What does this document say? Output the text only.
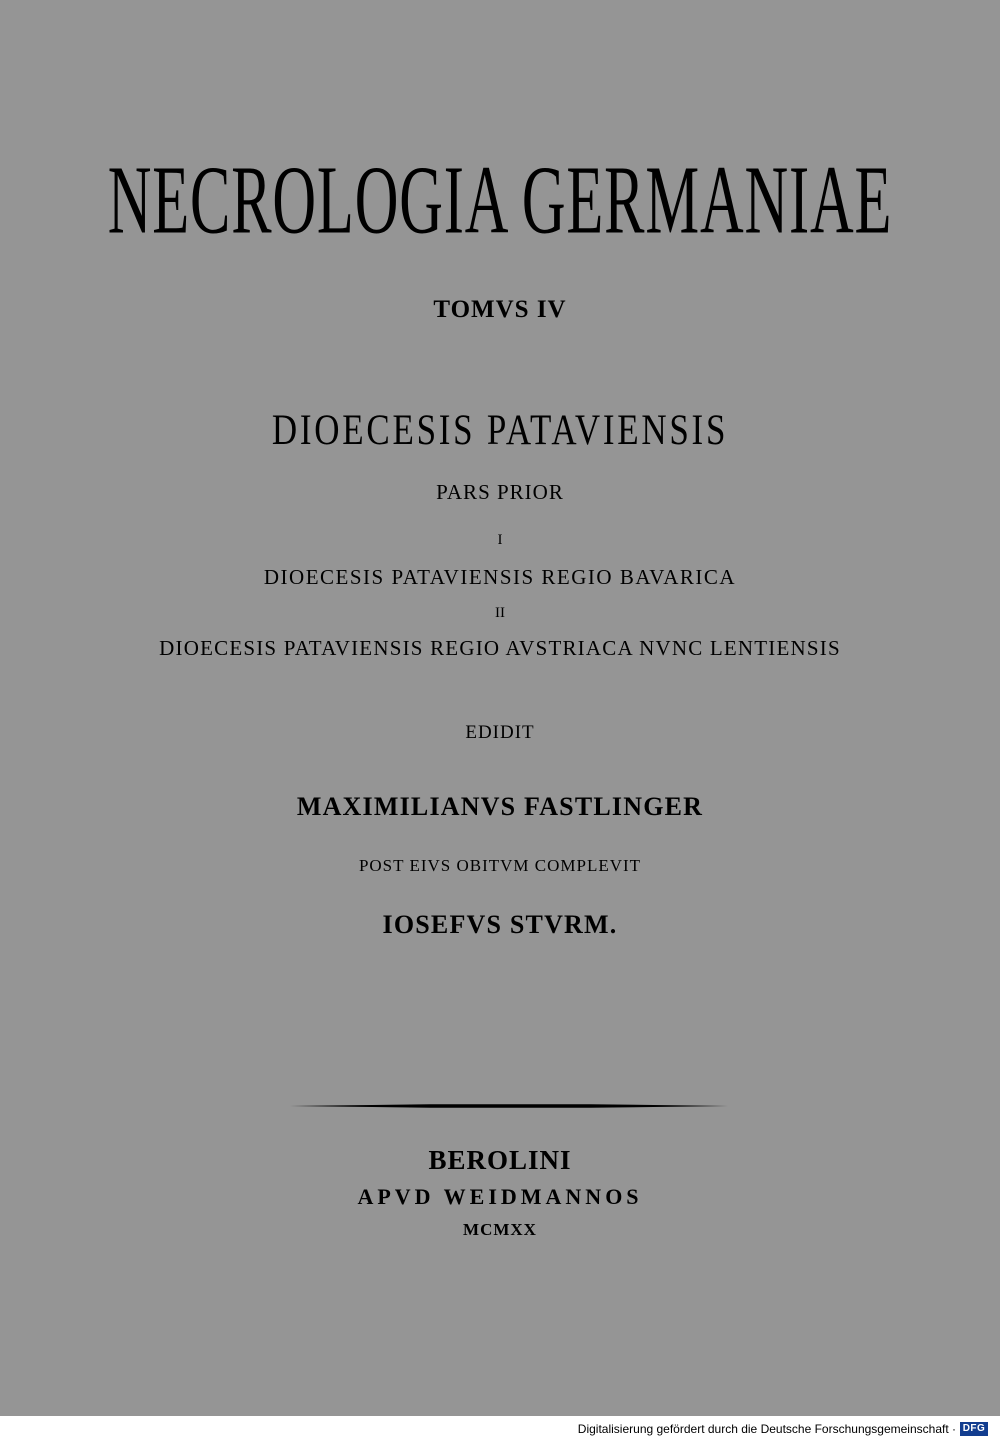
NECROLOGIA GERMANIAE
TOMVS IV
DIOECESIS PATAVIENSIS
PARS PRIOR
I
DIOECESIS PATAVIENSIS REGIO BAVARICA
II
DIOECESIS PATAVIENSIS REGIO AVSTRIACA NVNC LENTIENSIS
EDIDIT
MAXIMILIANVS FASTLINGER
POST EIVS OBITVM COMPLEVIT
IOSEFVS STVRM.
BEROLINI
APVD WEIDMANNOS
MCMXX
Digitalisierung gefördert durch die Deutsche Forschungsgemeinschaft · DFG
